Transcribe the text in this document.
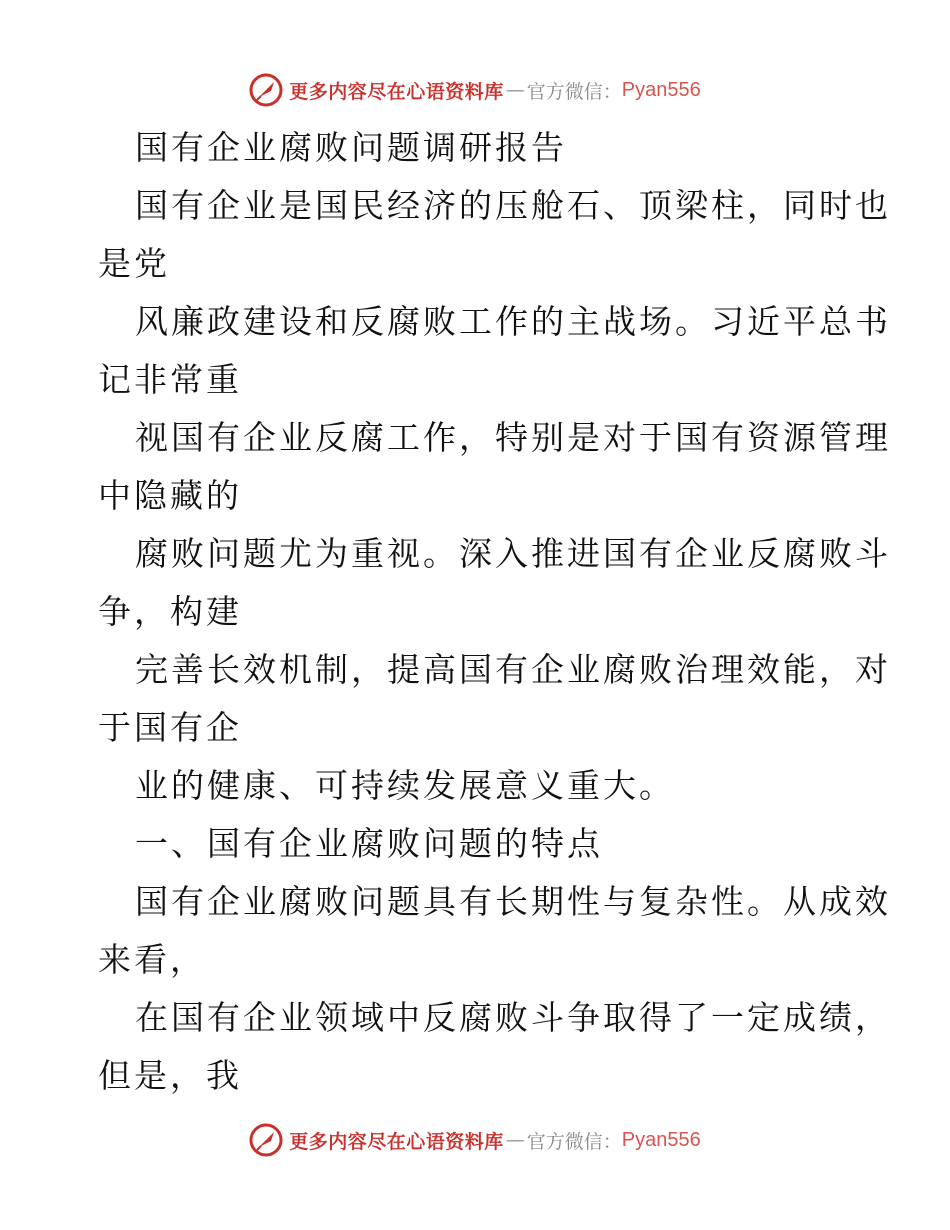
更多内容尽在心语资料库 — 官方微信： Pyan556
国有企业腐败问题调研报告
国有企业是国民经济的压舱石、顶梁柱，同时也
是党
风廉政建设和反腐败工作的主战场。习近平总书
记非常重
视国有企业反腐工作，特别是对于国有资源管理
中隐藏的
腐败问题尤为重视。深入推进国有企业反腐败斗
争，构建
完善长效机制，提高国有企业腐败治理效能，对
于国有企
业的健康、可持续发展意义重大。
一、国有企业腐败问题的特点
国有企业腐败问题具有长期性与复杂性。从成效
来看，
在国有企业领域中反腐败斗争取得了一定成绩，
但是，我
更多内容尽在心语资料库 — 官方微信： Pyan556
